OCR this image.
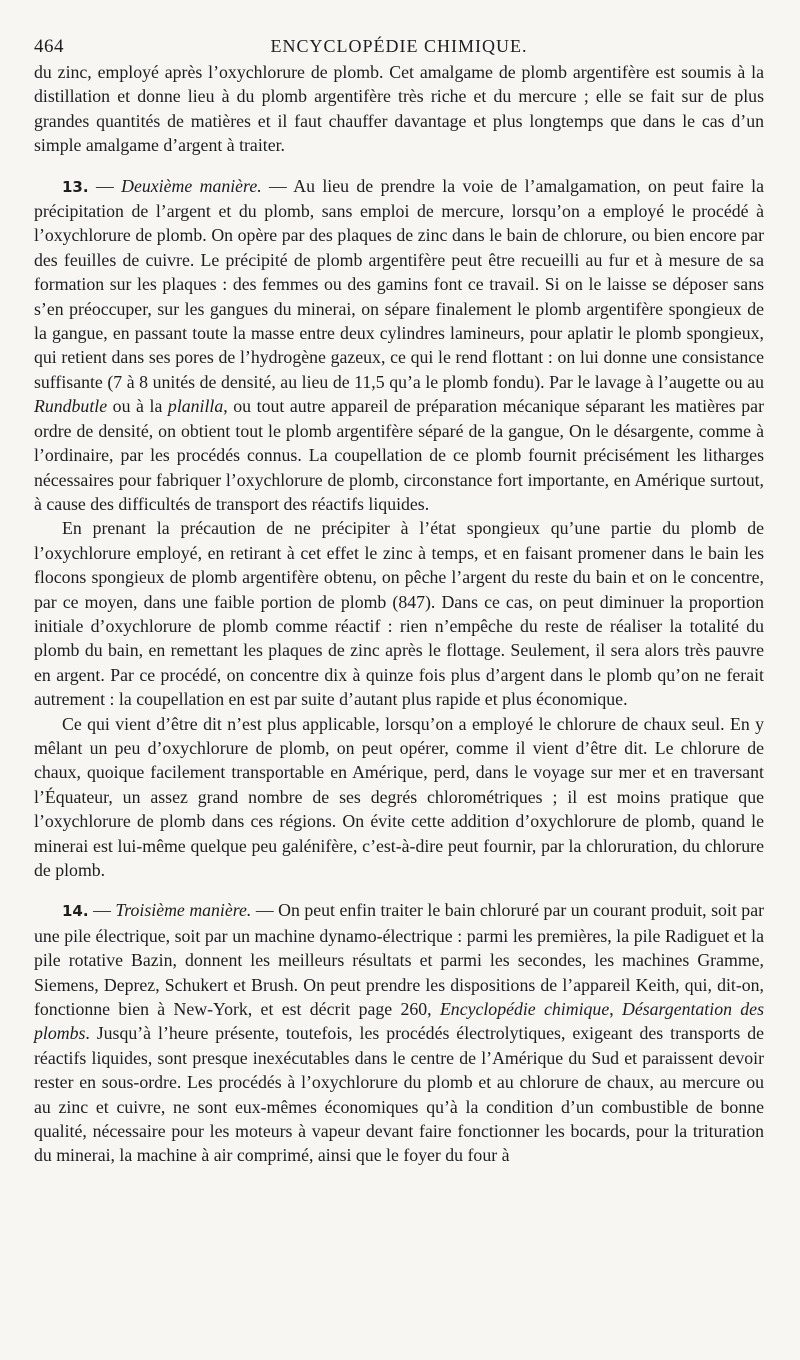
464	ENCYCLOPÉDIE CHIMIQUE.

du zinc, employé après l’oxychlorure de plomb. Cet amalgame de plomb argentifère est soumis à la distillation et donne lieu à du plomb argentifère très riche et du mercure ; elle se fait sur de plus grandes quantités de matières et il faut chauffer davantage et plus longtemps que dans le cas d’un simple amalgame d’argent à traiter.

13. — Deuxième manière. — Au lieu de prendre la voie de l’amalgamation, on peut faire la précipitation de l’argent et du plomb, sans emploi de mercure, lorsqu’on a employé le procédé à l’oxychlorure de plomb. On opère par des plaques de zinc dans le bain de chlorure, ou bien encore par des feuilles de cuivre. Le précipité de plomb argentifère peut être recueilli au fur et à mesure de sa formation sur les plaques : des femmes ou des gamins font ce travail. Si on le laisse se déposer sans s’en préoccuper, sur les gangues du minerai, on sépare finalement le plomb argentifère spongieux de la gangue, en passant toute la masse entre deux cylindres lamineurs, pour aplatir le plomb spongieux, qui retient dans ses pores de l’hydrogène gazeux, ce qui le rend flottant : on lui donne une consistance suffisante (7 à 8 unités de densité, au lieu de 11,5 qu’a le plomb fondu). Par le lavage à l’augette ou au Rundbutle ou à la planilla, ou tout autre appareil de préparation mécanique séparant les matières par ordre de densité, on obtient tout le plomb argentifère séparé de la gangue, On le désargente, comme à l’ordinaire, par les procédés connus. La coupellation de ce plomb fournit précisément les litharges nécessaires pour fabriquer l’oxychlorure de plomb, circonstance fort importante, en Amérique surtout, à cause des difficultés de transport des réactifs liquides.

En prenant la précaution de ne précipiter à l’état spongieux qu’une partie du plomb de l’oxychlorure employé, en retirant à cet effet le zinc à temps, et en faisant promener dans le bain les flocons spongieux de plomb argentifère obtenu, on pêche l’argent du reste du bain et on le concentre, par ce moyen, dans une faible portion de plomb (847). Dans ce cas, on peut diminuer la proportion initiale d’oxychlorure de plomb comme réactif : rien n’empêche du reste de réaliser la totalité du plomb du bain, en remettant les plaques de zinc après le flottage. Seulement, il sera alors très pauvre en argent. Par ce procédé, on concentre dix à quinze fois plus d’argent dans le plomb qu’on ne ferait autrement : la coupellation en est par suite d’autant plus rapide et plus économique.

Ce qui vient d’être dit n’est plus applicable, lorsqu’on a employé le chlorure de chaux seul. En y mêlant un peu d’oxychlorure de plomb, on peut opérer, comme il vient d’être dit. Le chlorure de chaux, quoique facilement transportable en Amérique, perd, dans le voyage sur mer et en traversant l’Équateur, un assez grand nombre de ses degrés chlorométriques ; il est moins pratique que l’oxychlorure de plomb dans ces régions. On évite cette addition d’oxychlorure de plomb, quand le minerai est lui-même quelque peu galénifère, c’est-à-dire peut fournir, par la chloruration, du chlorure de plomb.

14. — Troisième manière. — On peut enfin traiter le bain chloruré par un courant produit, soit par une pile électrique, soit par un machine dynamo-électrique : parmi les premières, la pile Radiguet et la pile rotative Bazin, donnent les meilleurs résultats et parmi les secondes, les machines Gramme, Siemens, Deprez, Schukert et Brush. On peut prendre les dispositions de l’appareil Keith, qui, dit-on, fonctionne bien à New-York, et est décrit page 260, Encyclopédie chimique, Désargentation des plombs. Jusqu’à l’heure présente, toutefois, les procédés électrolytiques, exigeant des transports de réactifs liquides, sont presque inexécutables dans le centre de l’Amérique du Sud et paraissent devoir rester en sous-ordre. Les procédés à l’oxychlorure du plomb et au chlorure de chaux, au mercure ou au zinc et cuivre, ne sont eux-mêmes économiques qu’à la condition d’un combustible de bonne qualité, nécessaire pour les moteurs à vapeur devant faire fonctionner les bocards, pour la trituration du minerai, la machine à air comprimé, ainsi que le foyer du four à
